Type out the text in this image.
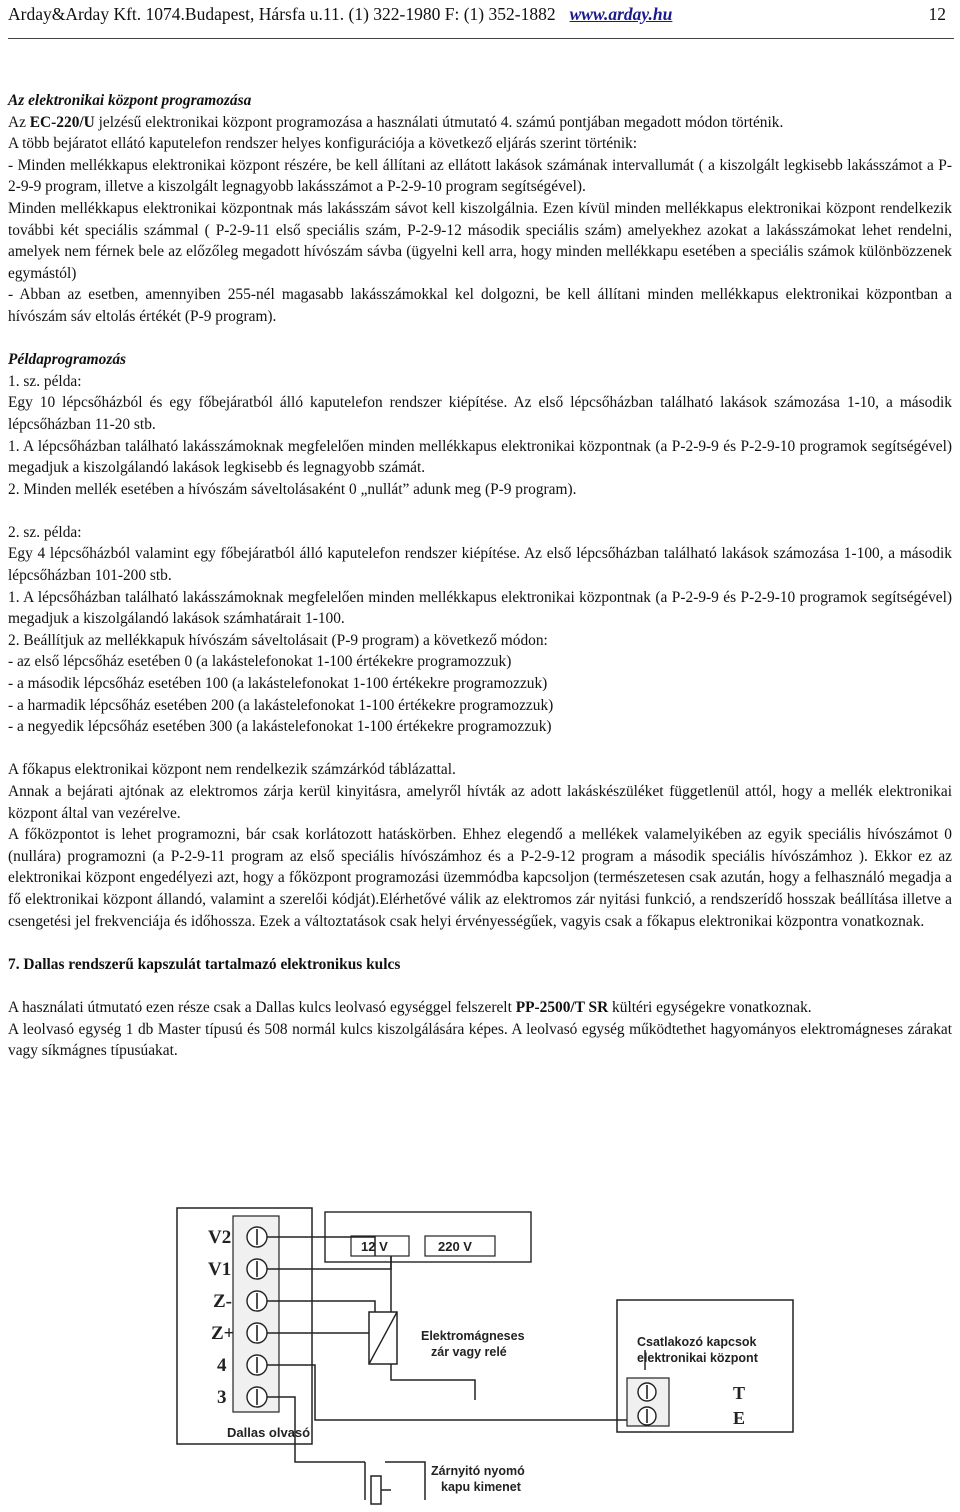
Arday&Arday Kft. 1074.Budapest, Hársfa u.11. (1) 322-1980 F: (1) 352-1882 www.arday.hu	12

Az elektronikai központ programozása

Az EC-220/U jelzésű elektronikai központ programozása a használati útmutató 4. számú pontjában megadott módon történik.

A több bejáratot ellátó kaputelefon rendszer helyes konfigurációja a következő eljárás szerint történik:

- Minden mellékkapus elektronikai központ részére, be kell állítani az ellátott lakások számának intervallumát ( a kiszolgált legkisebb lakásszámot a P-2-9-9 program, illetve a kiszolgált legnagyobb lakásszámot a P-2-9-10 program segítségével).

Minden mellékkapus elektronikai központnak más lakásszám sávot kell kiszolgálnia. Ezen kívül minden mellékkapus elektronikai központ rendelkezik további két speciális számmal ( P-2-9-11 első speciális szám, P-2-9-12 második speciális szám) amelyekhez azokat a lakásszámokat lehet rendelni, amelyek nem férnek bele az előzőleg megadott hívószám sávba (ügyelni kell arra, hogy minden mellékkapu esetében a speciális számok különbözzenek egymástól)

- Abban az esetben, amennyiben 255-nél magasabb lakásszámokkal kel dolgozni, be kell állítani minden mellékkapus elektronikai központban a hívószám sáv eltolás értékét (P-9 program).

Példaprogramozás

1. sz. példa:

Egy 10 lépcsőházból és egy főbejáratból álló kaputelefon rendszer kiépítése. Az első lépcsőházban található lakások számozása 1-10, a második lépcsőházban 11-20 stb.

1. A lépcsőházban található lakásszámoknak megfelelően minden mellékkapus elektronikai központnak (a P-2-9-9 és P-2-9-10 programok segítségével) megadjuk a kiszolgálandó lakások legkisebb és legnagyobb számát.

2. Minden mellék esetében a hívószám sáveltolásaként 0 „nullát” adunk meg (P-9 program).

2. sz. példa:

Egy 4 lépcsőházból valamint egy főbejáratból álló kaputelefon rendszer kiépítése. Az első lépcsőházban található lakások számozása 1-100, a második lépcsőházban 101-200 stb.

1. A lépcsőházban található lakásszámoknak megfelelően minden mellékkapus elektronikai központnak (a P-2-9-9 és P-2-9-10 programok segítségével) megadjuk a kiszolgálandó lakások számhatárait 1-100.

2. Beállítjuk az mellékkapuk hívószám sáveltolásait (P-9 program) a következő módon:

- az első lépcsőház esetében 0 (a lakástelefonokat 1-100 értékekre programozzuk)

- a második lépcsőház esetében 100 (a lakástelefonokat 1-100 értékekre programozzuk)

- a harmadik lépcsőház esetében 200 (a lakástelefonokat 1-100 értékekre programozzuk)

- a negyedik lépcsőház esetében 300 (a lakástelefonokat 1-100 értékekre programozzuk)

A főkapus elektronikai központ nem rendelkezik számzárkód táblázattal.

Annak a bejárati ajtónak az elektromos zárja kerül kinyitásra, amelyről hívták az adott lakáskészüléket függetlenül attól, hogy a mellék elektronikai központ által van vezérelve.

A főközpontot is lehet programozni, bár csak korlátozott hatáskörben. Ehhez elegendő a mellékek valamelyikében az egyik speciális hívószámot 0 (nullára) programozni (a P-2-9-11 program az első speciális hívószámhoz és a P-2-9-12 program a második speciális hívószámhoz ). Ekkor ez az elektronikai központ engedélyezi azt, hogy a főközpont programozási üzemmódba kapcsoljon (természetesen csak azután, hogy a felhasználó megadja a fő elektronikai központ állandó, valamint a szerelői kódját).Elérhetővé válik az elektromos zár nyitási funkció, a rendszerídő hosszak beállítása illetve a csengetési jel frekvenciája és időhossza. Ezek a változtatások csak helyi érvényességűek, vagyis csak a főkapus elektronikai központra vonatkoznak.

7. Dallas rendszerű kapszulát tartalmazó elektronikus kulcs

A használati útmutató ezen része csak a Dallas kulcs leolvasó egységgel felszerelt PP-2500/T SR kültéri egységekre vonatkoznak.

A leolvasó egység 1 db Master típusú és 508 normál kulcs kiszolgálására képes. A leolvasó egység működtethet hagyományos elektromágneses zárakat vagy síkmágnes típusúakat.

V2
V1
Z-
Z+
4
3
Dallas olvasó
12 V	220 V
Elektromágneses
zár vagy relé
Csatlakozó kapcsok
elektronikai központ
T
E
Zárnyitó nyomó
kapu kimenet
